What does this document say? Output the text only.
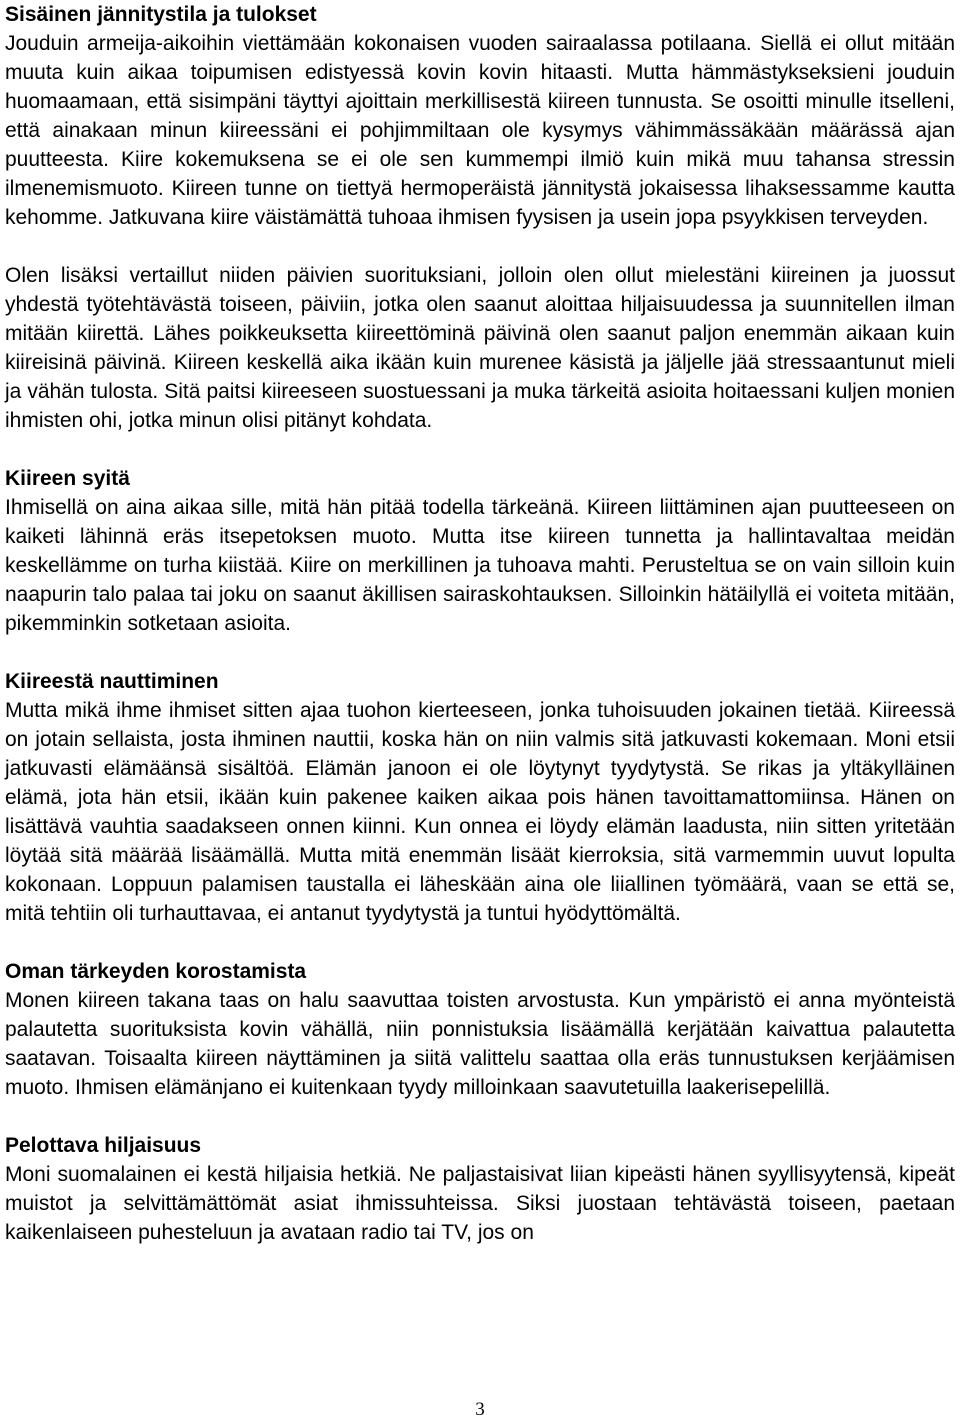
Sisäinen jännitystila ja tulokset

Jouduin armeija-aikoihin viettämään kokonaisen vuoden sairaalassa potilaana. Siellä ei ollut mitään muuta kuin aikaa toipumisen edistyessä kovin kovin hitaasti. Mutta hämmästykseksieni jouduin huomaamaan, että sisimpäni täyttyi ajoittain merkillisestä kiireen tunnusta. Se osoitti minulle itselleni, että ainakaan minun kiireessäni ei pohjimmiltaan ole kysymys vähimmässäkään määrässä ajan puutteesta. Kiire kokemuksena se ei ole sen kummempi ilmiö kuin mikä muu tahansa stressin ilmenemismuoto. Kiireen tunne on tiettyä hermoperäistä jännitystä jokaisessa lihaksessamme kautta kehomme. Jatkuvana kiire väistämättä tuhoaa ihmisen fyysisen ja usein jopa psyykkisen terveyden.

Olen lisäksi vertaillut niiden päivien suorituksiani, jolloin olen ollut mielestäni kiireinen ja juossut yhdestä työtehtävästä toiseen, päiviin, jotka olen saanut aloittaa hiljaisuudessa ja suunnitellen ilman mitään kiirettä. Lähes poikkeuksetta kiireettöminä päivinä olen saanut paljon enemmän aikaan kuin kiireisinä päivinä. Kiireen keskellä aika ikään kuin murenee käsistä ja jäljelle jää stressaantunut mieli ja vähän tulosta. Sitä paitsi kiireeseen suostuessani ja muka tärkeitä asioita hoitaessani kuljen monien ihmisten ohi, jotka minun olisi pitänyt kohdata.

Kiireen syitä

Ihmisellä on aina aikaa sille, mitä hän pitää todella tärkeänä. Kiireen liittäminen ajan puutteeseen on kaiketi lähinnä eräs itsepetoksen muoto. Mutta itse kiireen tunnetta ja hallintavaltaa meidän keskellämme on turha kiistää. Kiire on merkillinen ja tuhoava mahti. Perusteltua se on vain silloin kuin naapurin talo palaa tai joku on saanut äkillisen sairaskohtauksen. Silloinkin hätäilyllä ei voiteta mitään, pikemminkin sotketaan asioita.

Kiireestä nauttiminen

Mutta mikä ihme ihmiset sitten ajaa tuohon kierteeseen, jonka tuhoisuuden jokainen tietää. Kiireessä on jotain sellaista, josta ihminen nauttii, koska hän on niin valmis sitä jatkuvasti kokemaan. Moni etsii jatkuvasti elämäänsä sisältöä. Elämän janoon ei ole löytynyt tyydytystä. Se rikas ja yltäkylläinen elämä, jota hän etsii, ikään kuin pakenee kaiken aikaa pois hänen tavoittamattomiinsa. Hänen on lisättävä vauhtia saadakseen onnen kiinni. Kun onnea ei löydy elämän laadusta, niin sitten yritetään löytää sitä määrää lisäämällä. Mutta mitä enemmän lisäät kierroksia, sitä varmemmin uuvut lopulta kokonaan. Loppuun palamisen taustalla ei läheskään aina ole liiallinen työmäärä, vaan se että se, mitä tehtiin oli turhauttavaa, ei antanut tyydytystä ja tuntui hyödyttömältä.

Oman tärkeyden korostamista

Monen kiireen takana taas on halu saavuttaa toisten arvostusta. Kun ympäristö ei anna myönteistä palautetta suorituksista kovin vähällä, niin ponnistuksia lisäämällä kerjätään kaivattua palautetta saatavan. Toisaalta kiireen näyttäminen ja siitä valittelu saattaa olla eräs tunnustuksen kerjäämisen muoto. Ihmisen elämänjano ei kuitenkaan tyydy milloinkaan saavutetuilla laakerisepelillä.

Pelottava hiljaisuus

Moni suomalainen ei kestä hiljaisia hetkiä. Ne paljastaisivat liian kipeästi hänen syyllisyytensä, kipeät muistot ja selvittämättömät asiat ihmissuhteissa. Siksi juostaan tehtävästä toiseen, paetaan kaikenlaiseen puhesteluun ja avataan radio tai TV, jos on

3
